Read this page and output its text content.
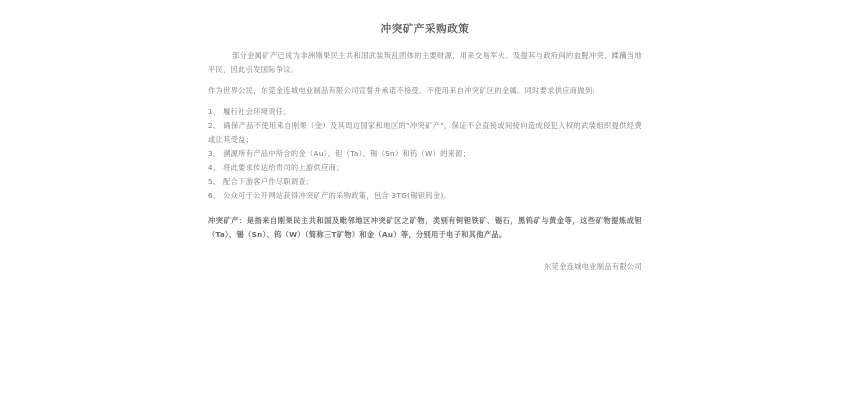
冲突矿产采购政策

部分金属矿产已成为非洲刚果民主共和国武装叛乱团体的主要财源，用来交易军火、及提其与政府间的血腥冲突，蹂躏当地平民，因此引发国际争议。

作为世界公民，东莞金连城电业制品有限公司宣誓并承诺不接受、不使用来自冲突矿区的金属。同时要求供应商做到:

1、 履行社会环境责任；

2、 确保产品不使用来自刚果（金）及其周边国家和地区的"冲突矿产"，保证不会直接或间接向造成侵犯人权的武装组织提供经费或让其受益；

3、 溯源所有产品中所含的金（Au）、钽（Ta）、锡（Sn）和钨（W）的来源；

4、 将此要求传达给贵司的上游供应商；

5、 配合下游客户作尽职调查；

6、 公众可于公开网站获得冲突矿产的采购政策，包含 3TG(锡钽钨金)。

冲突矿产：是指来自刚果民主共和国及毗邻地区冲突矿区之矿物，类别有钶钽铁矿、锡石，黑钨矿与黄金等，这些矿物提炼成钽（Ta）、锡（Sn）、钨（W）（简称三T矿物）和金（Au）等，分别用于电子和其他产品。

东莞金连城电业制品有限公司
